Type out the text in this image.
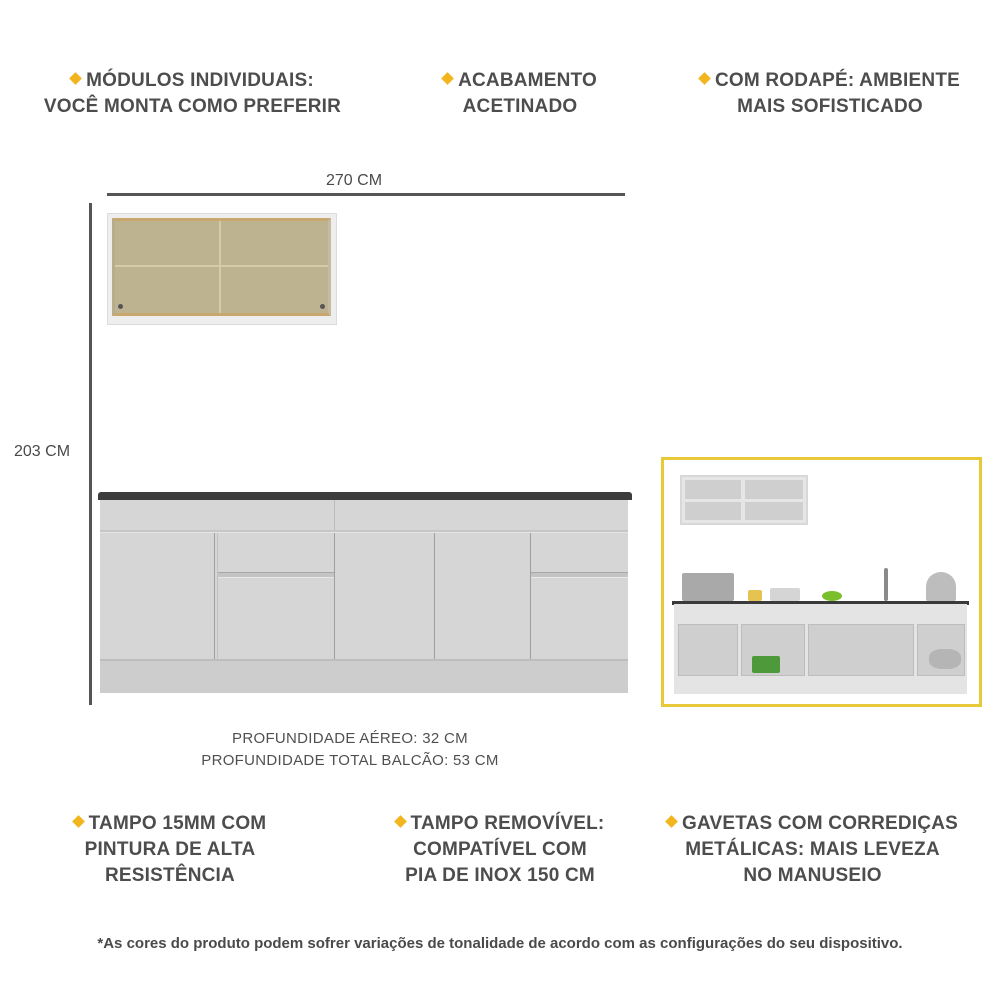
MÓDULOS INDIVIDUAIS:
VOCÊ MONTA COMO PREFERIR
ACABAMENTO
ACETINADO
COM RODAPÉ: AMBIENTE
MAIS SOFISTICADO
270 CM
203 CM
PROFUNDIDADE AÉREO: 32 CM
PROFUNDIDADE TOTAL BALCÃO: 53 CM
TAMPO 15MM COM
PINTURA DE ALTA
RESISTÊNCIA
TAMPO REMOVÍVEL:
COMPATÍVEL COM
PIA DE INOX 150 CM
GAVETAS COM CORREDIÇAS
METÁLICAS: MAIS LEVEZA
NO MANUSEIO
*As cores do produto podem sofrer variações de tonalidade de acordo com as configurações do seu dispositivo.
